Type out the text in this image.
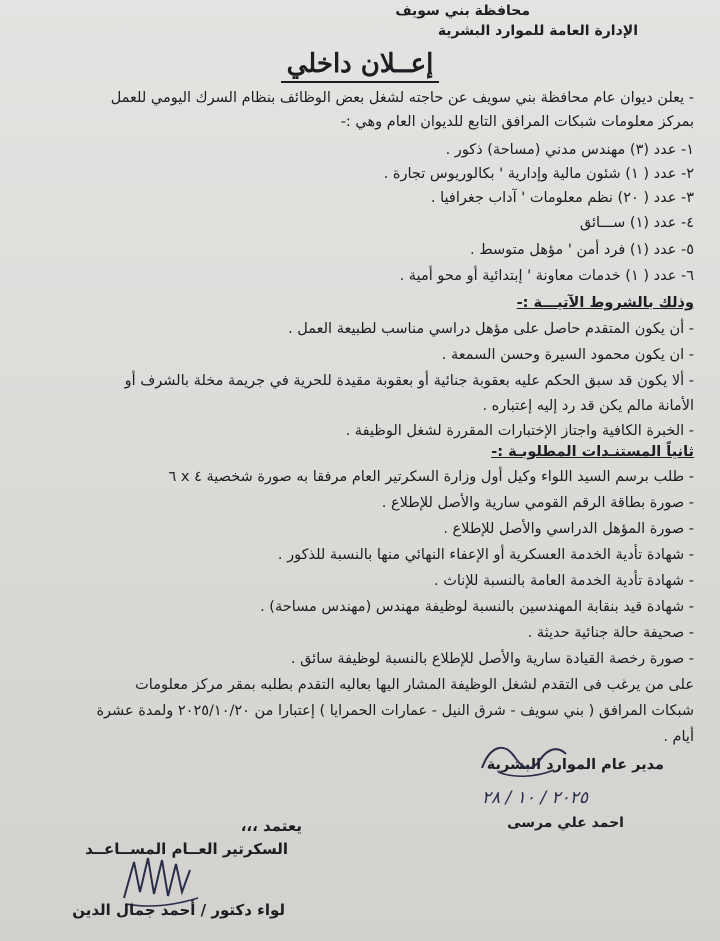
محافظة بني سويف
الإدارة العامة للموارد البشرية
إعــلان داخلي
- يعلن ديوان عام محافظة بني سويف عن حاجته لشغل بعض الوظائف بنظام السرك اليومي للعمل
بمركز معلومات شبكات المرافق التابع للديوان العام وهي :-
١- عدد (٣) مهندس مدني (مساحة) ذكور .
٢- عدد ( ١) شئون مالية وإدارية ' بكالوريوس تجارة .
٣- عدد ( ٢٠) نظم معلومات ' آداب جغرافيا .
٤- عدد (١) ســـائق
٥- عدد (١) فرد أمن ' مؤهل متوسط .
٦- عدد ( ١) خدمات معاونة ' إبتدائية أو محو أمية .
وذلك بالشروط الآتيـــة :-
- أن يكون المتقدم حاصل على مؤهل دراسي مناسب لطبيعة العمل .
- ان يكون محمود السيرة وحسن السمعة .
- ألا يكون قد سبق الحكم عليه بعقوبة جنائية أو بعقوبة مقيدة للحرية في جريمة مخلة بالشرف أو
الأمانة مالم يكن قد رد إليه إعتباره .
- الخبرة الكافية واجتاز الإختبارات المقررة لشغل الوظيفة .
ثانياً المستنـدات المطلوبـة :-
- طلب برسم السيد اللواء وكيل أول وزارة السكرتير العام مرفقا به صورة شخصية ٤ x ٦
- صورة بطاقة الرقم القومي سارية والأصل للإطلاع .
- صورة المؤهل الدراسي والأصل للإطلاع .
- شهادة تأدية الخدمة العسكرية أو الإعفاء النهائي منها بالنسبة للذكور .
- شهادة تأدية الخدمة العامة بالنسبة للإناث .
- شهادة قيد بنقابة المهندسين بالنسبة لوظيفة مهندس (مهندس مساحة) .
- صحيفة حالة جنائية حديثة .
- صورة رخصة القيادة سارية والأصل للإطلاع بالنسبة لوظيفة سائق .
على من يرغب فى التقدم لشغل الوظيفة المشار اليها بعاليه التقدم بطلبه بمقر مركز معلومات
شبكات المرافق ( بني سويف - شرق النيل - عمارات الحمرايا ) إعتبارا من ٢٠٢٥/١٠/٢٠ ولمدة عشرة
أيام .
مدير عام الموارد البشرية
٢٠٢٥ / ١٠ / ٢٨
احمد علي مرسى
يعتمد ،،،
السكرتير العــام المســاعــد
لواء دكتور / أحمد جمال الدين
